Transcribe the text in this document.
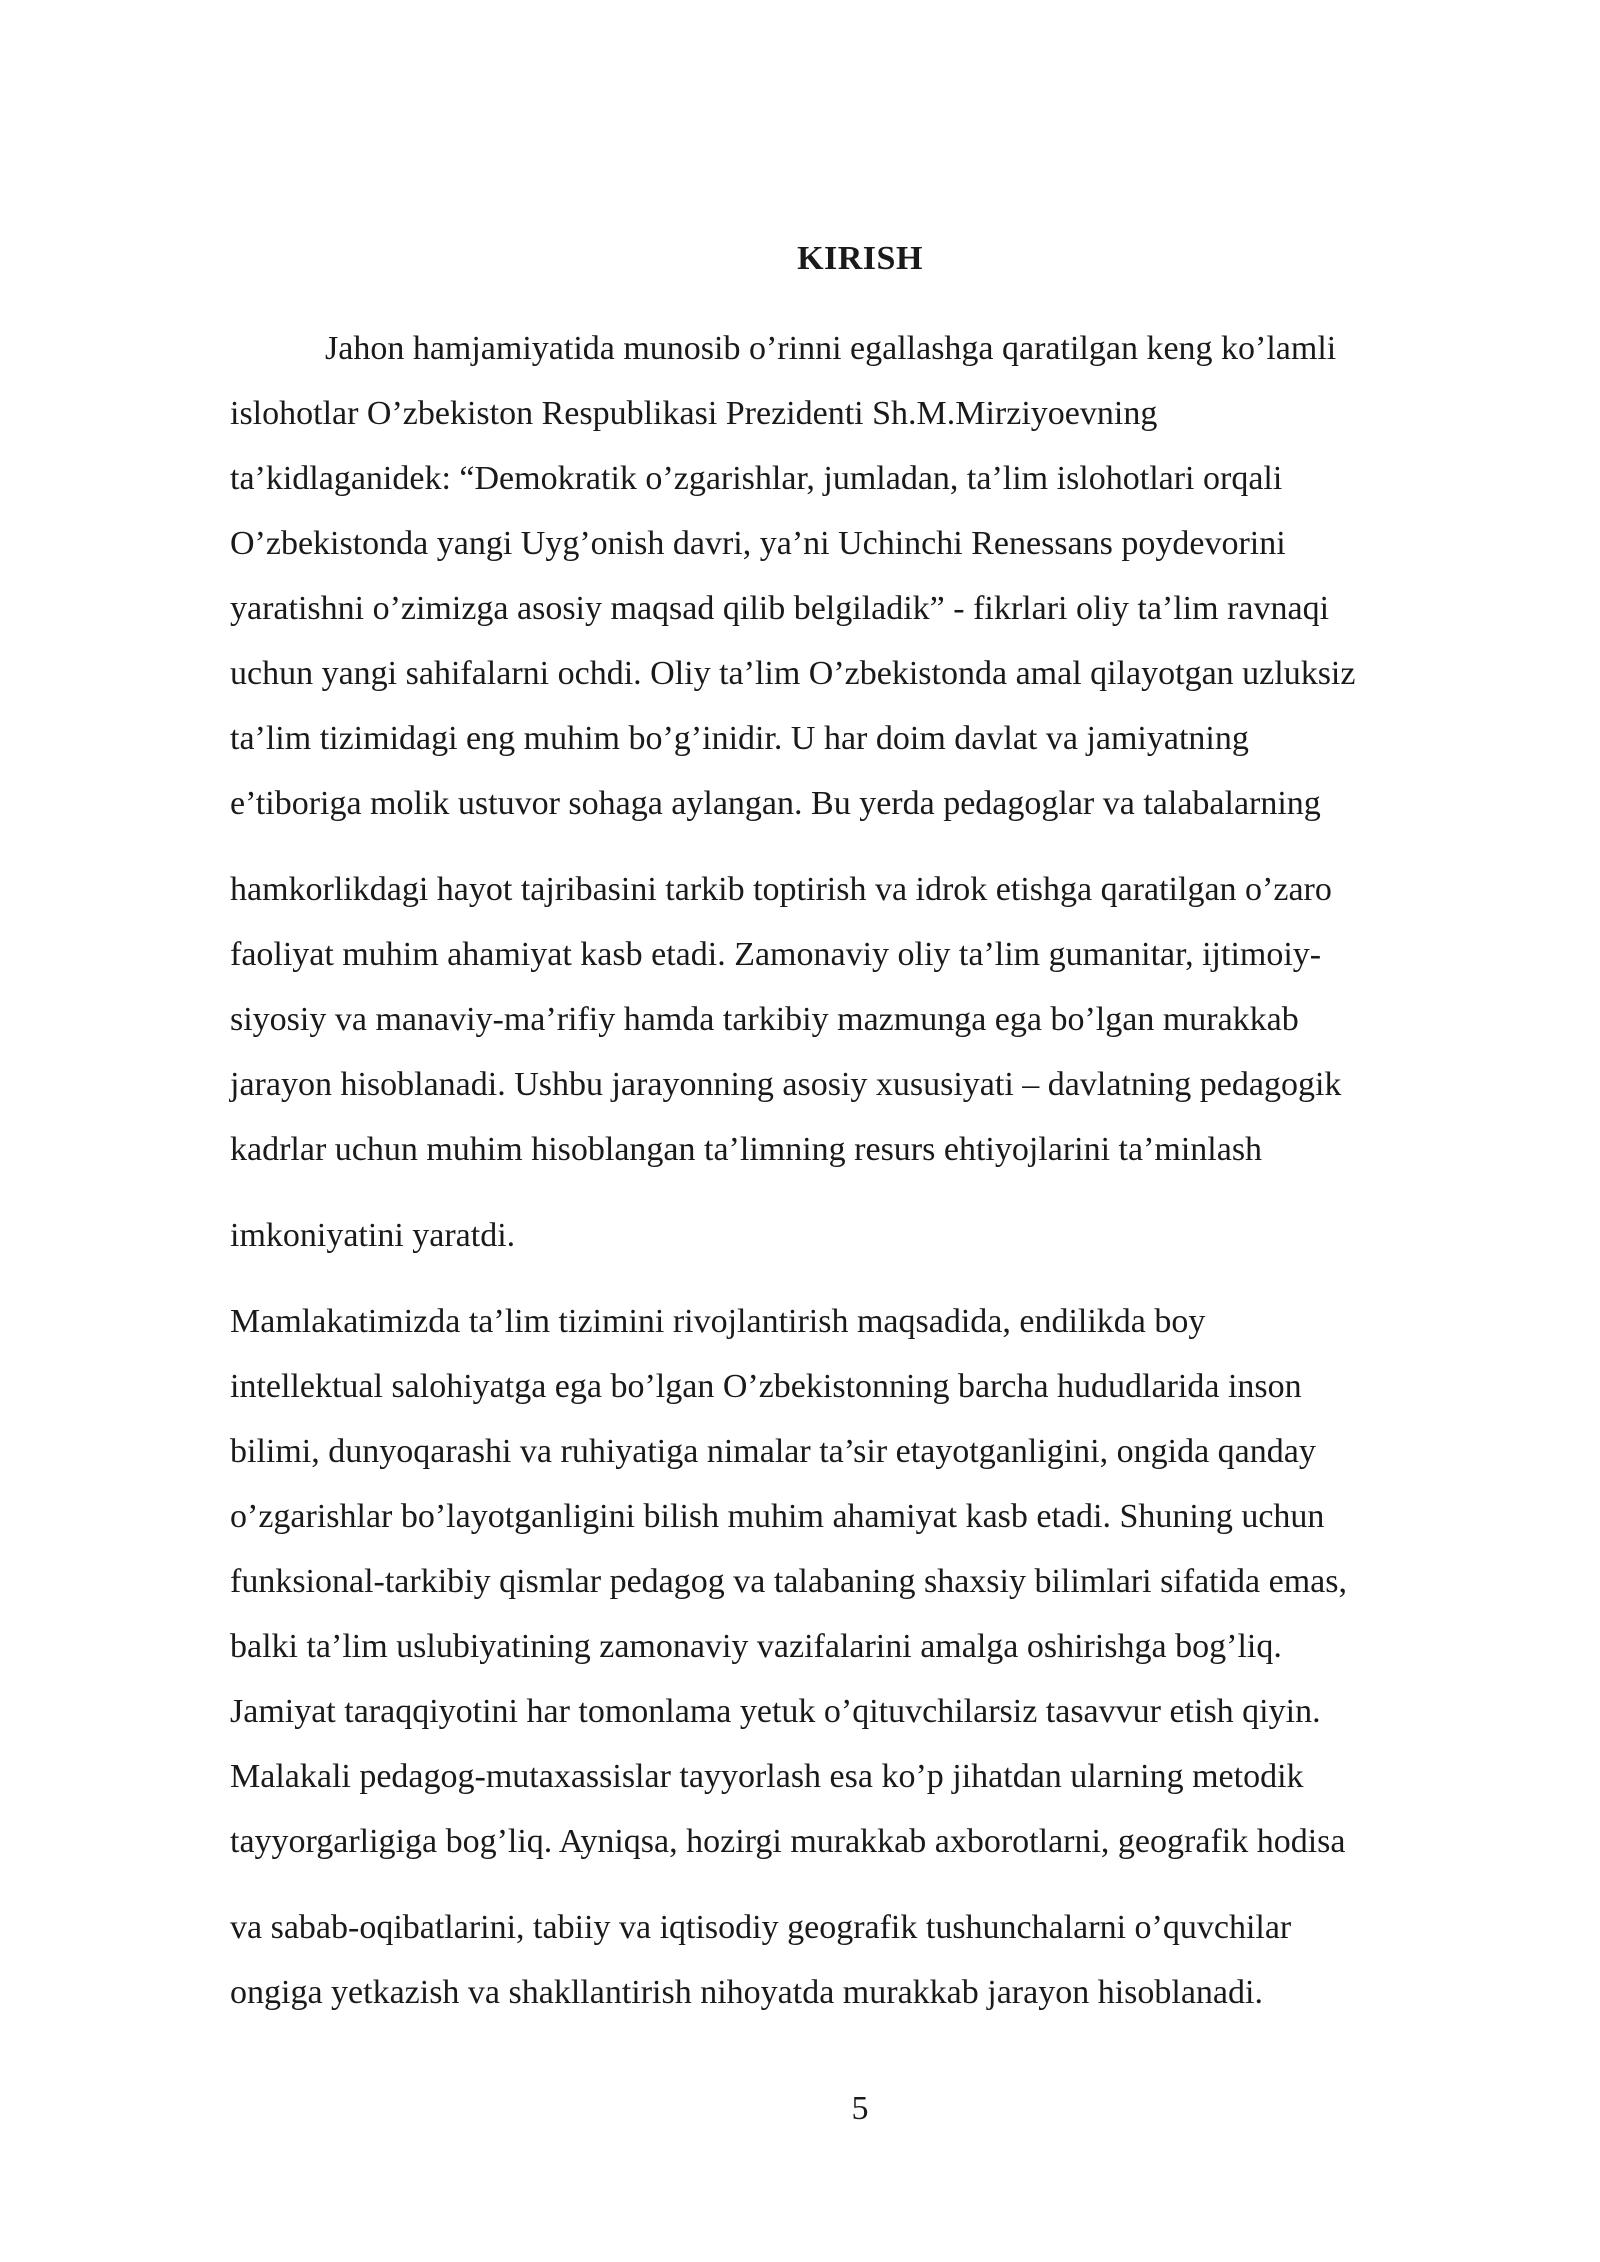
KIRISH
Jahon hamjamiyatida munosib o’rinni egallashga qaratilgan keng ko’lamli
islohotlar O’zbekiston Respublikasi Prezidenti Sh.M.Mirziyoevning
ta’kidlaganidek: “Demokratik o’zgarishlar, jumladan, ta’lim islohotlari orqali
O’zbekistonda yangi Uyg’onish davri, ya’ni Uchinchi Renessans poydevorini
yaratishni o’zimizga asosiy maqsad qilib belgiladik” - fikrlari oliy ta’lim ravnaqi
uchun yangi sahifalarni ochdi. Oliy ta’lim O’zbekistonda amal qilayotgan uzluksiz
ta’lim tizimidagi eng muhim bo’g’inidir. U har doim davlat va jamiyatning
e’tiboriga molik ustuvor sohaga aylangan. Bu yerda pedagoglar va talabalarning
hamkorlikdagi hayot tajribasini tarkib toptirish va idrok etishga qaratilgan o’zaro
faoliyat muhim ahamiyat kasb etadi. Zamonaviy oliy ta’lim gumanitar, ijtimoiy-
siyosiy va manaviy-ma’rifiy hamda tarkibiy mazmunga ega bo’lgan murakkab
jarayon hisoblanadi. Ushbu jarayonning asosiy xususiyati – davlatning pedagogik
kadrlar uchun muhim hisoblangan ta’limning resurs ehtiyojlarini ta’minlash
imkoniyatini yaratdi.
Mamlakatimizda ta’lim tizimini rivojlantirish maqsadida, endilikda boy
intellektual salohiyatga ega bo’lgan O’zbekistonning barcha hududlarida inson
bilimi, dunyoqarashi va ruhiyatiga nimalar ta’sir etayotganligini, ongida qanday
o’zgarishlar bo’layotganligini bilish muhim ahamiyat kasb etadi. Shuning uchun
funksional-tarkibiy qismlar pedagog va talabaning shaxsiy bilimlari sifatida emas,
balki ta’lim uslubiyatining zamonaviy vazifalarini amalga oshirishga bog’liq.
Jamiyat taraqqiyotini har tomonlama yetuk o’qituvchilarsiz tasavvur etish qiyin.
Malakali pedagog-mutaxassislar tayyorlash esa ko’p jihatdan ularning metodik
tayyorgarligiga bog’liq. Ayniqsa, hozirgi murakkab axborotlarni, geografik hodisa
va sabab-oqibatlarini, tabiiy va iqtisodiy geografik tushunchalarni o’quvchilar
ongiga yetkazish va shakllantirish nihoyatda murakkab jarayon hisoblanadi.
5
